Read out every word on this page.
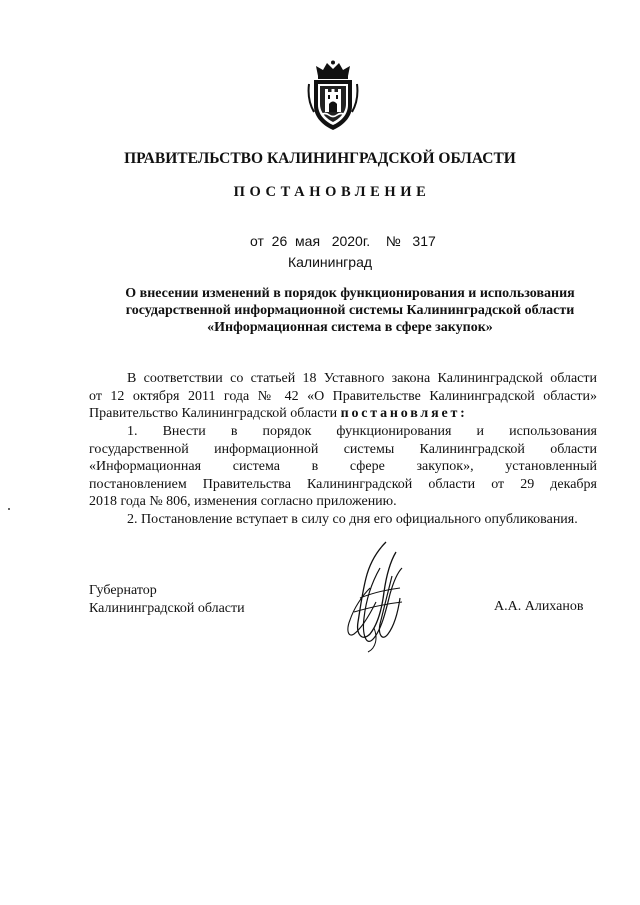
ПРАВИТЕЛЬСТВО КАЛИНИНГРАДСКОЙ ОБЛАСТИ
ПОСТАНОВЛЕНИЕ
от 26 мая 2020г. № 317
Калининград
О внесении изменений в порядок функционирования и использования
государственной информационной системы Калининградской области
«Информационная система в сфере закупок»
В соответствии со статьей 18 Уставного закона Калининградской области
от 12 октября 2011 года № 42 «О Правительстве Калининградской области»
Правительство Калининградской области постановляет:
1. Внести в порядок функционирования и использования
государственной информационной системы Калининградской области
«Информационная система в сфере закупок», установленный
постановлением Правительства Калининградской области от 29 декабря
2018 года № 806, изменения согласно приложению.
2. Постановление вступает в силу со дня его официального опубликования.
Губернатор
Калининградской области	А.А. Алиханов
